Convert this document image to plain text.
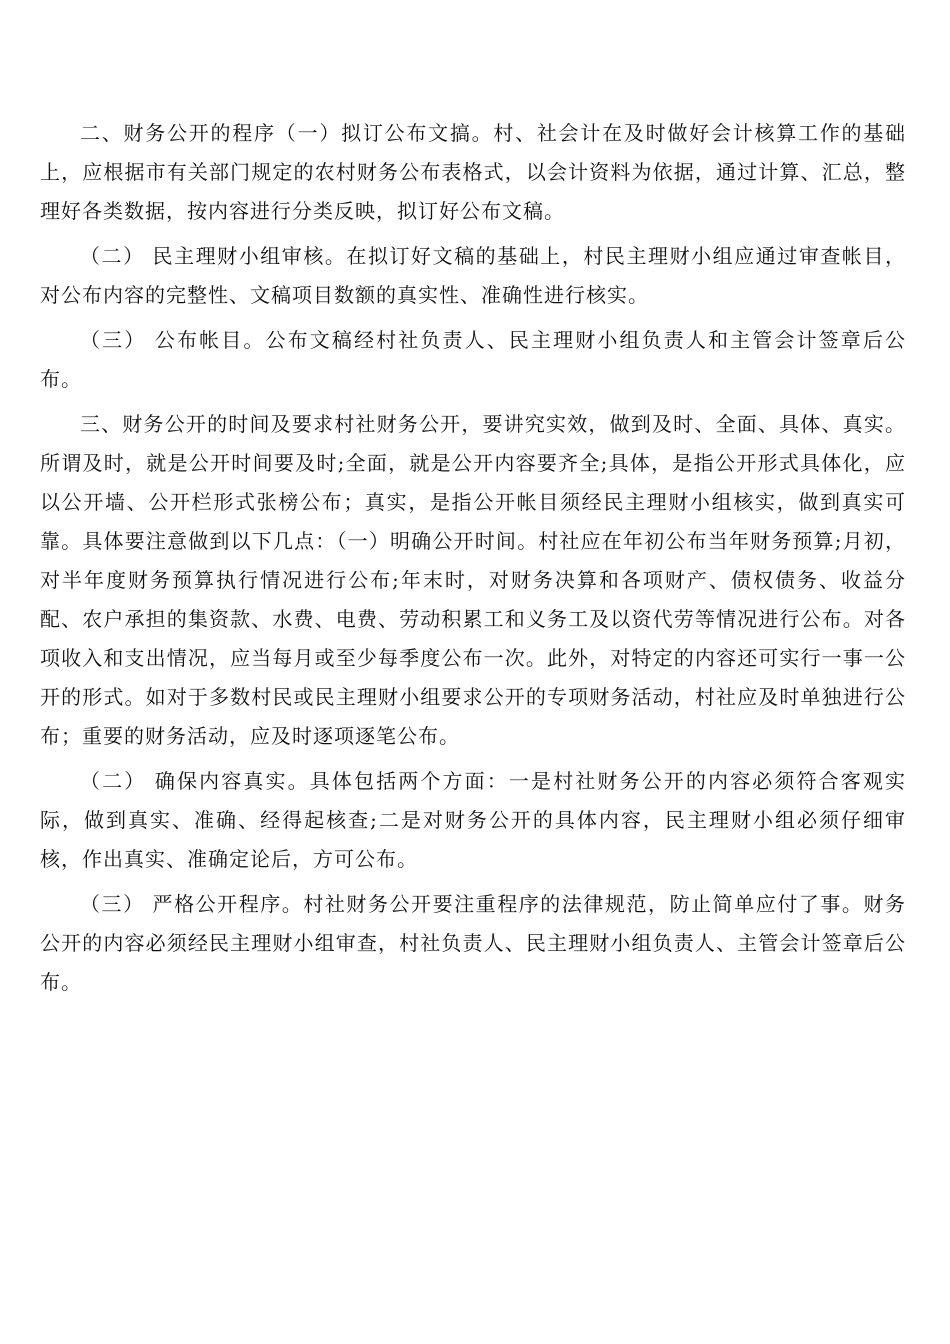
二、财务公开的程序（一）拟订公布文搞。村、社会计在及时做好会计核算工作的基础上，应根据市有关部门规定的农村财务公布表格式，以会计资料为依据，通过计算、汇总，整理好各类数据，按内容进行分类反映，拟订好公布文稿。

（二） 民主理财小组审核。在拟订好文稿的基础上，村民主理财小组应通过审查帐目，对公布内容的完整性、文稿项目数额的真实性、准确性进行核实。

（三） 公布帐目。公布文稿经村社负责人、民主理财小组负责人和主管会计签章后公布。

三、财务公开的时间及要求村社财务公开，要讲究实效，做到及时、全面、具体、真实。所谓及时，就是公开时间要及时;全面，就是公开内容要齐全;具体，是指公开形式具体化，应以公开墙、公开栏形式张榜公布；真实，是指公开帐目须经民主理财小组核实，做到真实可靠。具体要注意做到以下几点：（一）明确公开时间。村社应在年初公布当年财务预算;月初，对半年度财务预算执行情况进行公布;年末时，对财务决算和各项财产、债权债务、收益分配、农户承担的集资款、水费、电费、劳动积累工和义务工及以资代劳等情况进行公布。对各项收入和支出情况，应当每月或至少每季度公布一次。此外，对特定的内容还可实行一事一公开的形式。如对于多数村民或民主理财小组要求公开的专项财务活动，村社应及时单独进行公布；重要的财务活动，应及时逐项逐笔公布。

（二） 确保内容真实。具体包括两个方面：一是村社财务公开的内容必须符合客观实际，做到真实、准确、经得起核查;二是对财务公开的具体内容，民主理财小组必须仔细审核，作出真实、准确定论后，方可公布。

（三） 严格公开程序。村社财务公开要注重程序的法律规范，防止简单应付了事。财务公开的内容必须经民主理财小组审查，村社负责人、民主理财小组负责人、主管会计签章后公布。
